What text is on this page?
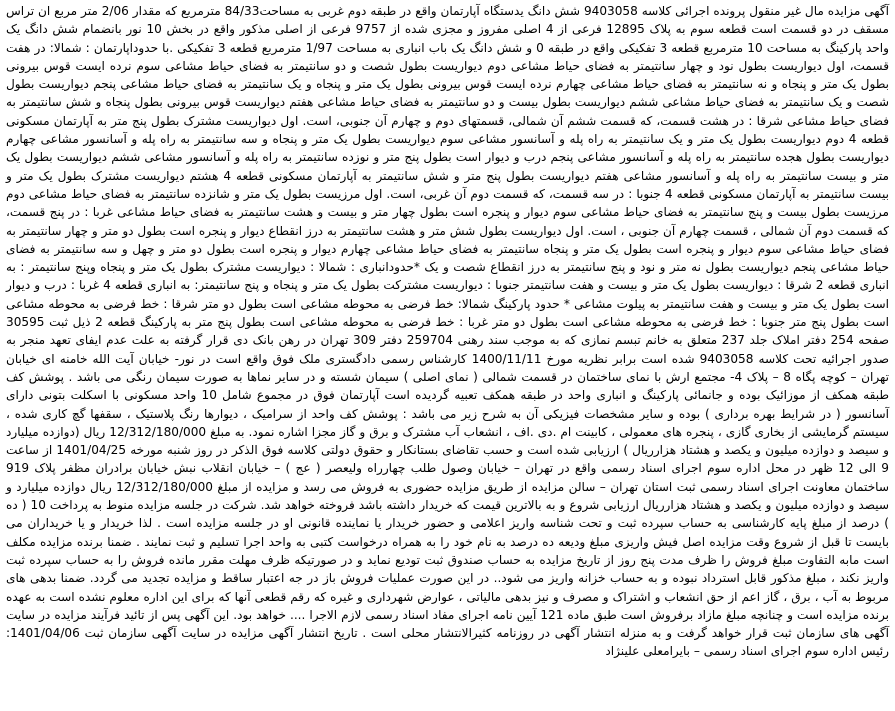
آگهی مزایده مال غیر منقول پرونده اجرائی کلاسه 9403058 شش دانگ یدستگاه آپارتمان واقع در طبقه دوم غربی به مساحت84/33 مترمربع که مقدار 2/06 متر مربع ان تراس مسقف در دو قسمت است قطعه سوم به پلاک 12895 فرعی از 4 اصلی مفروز و مجزی شده از 9757 فرعی از اصلی مذکور واقع در بخش 10 نور بانضمام شش دانگ یک واحد پارکینگ به مساحت 10 مترمربع قطعه 3 تفکیکی واقع در طبقه 0 و شش دانگ یک باب انباری به مساحت 1/97 مترمربع قطعه 3 تفکیکی .با حدوداپارتمان : شمالا: در هفت قسمت، اول دیواریست بطول نود و چهار سانتیمتر به فضای حیاط مشاعی دوم دیواریست بطول شصت و دو سانتیمتر به فضای حیاط مشاعی سوم نرده ایست قوس بیرونی بطول یک متر و پنجاه و نه سانتیمتر به فضای حیاط مشاعی چهارم نرده ایست قوس بیرونی بطول یک متر و پنجاه و یک سانتیمتر به فضای حیاط مشاعی پنجم دیواریست بطول شصت و یک سانتیمتر به فضای حیاط مشاعی ششم دیواریست بطول بیست و دو سانتیمتر به فضای حیاط مشاعی هفتم دیواریست قوس بیرونی بطول پنجاه و شش سانتیمتر به فضای حیاط مشاعی شرقا : در هشت قسمت، که قسمت ششم آن شمالی، قسمتهای دوم و چهارم آن جنوبی، است. اول دیواریست مشترک بطول پنج متر به آپارتمان مسکونی قطعه 4 دوم دیواریست بطول یک متر و یک سانتیمتر به راه پله و آسانسور مشاعی سوم دیواریست بطول یک متر و پنجاه و سه سانتیمتر به راه پله و آسانسور مشاعی چهارم دیواریست بطول هجده سانتیمتر به راه پله و آسانسور مشاعی پنجم درب و دیوار است بطول پنج متر و نوزده سانتیمتر به راه پله و آسانسور مشاعی ششم دیواریست بطول یک متر و بیست سانتیمتر به راه پله و آسانسور مشاعی هفتم دیواریست بطول پنج متر و شش سانتیمتر به آپارتمان مسکونی قطعه 4 هشتم دیواریست مشترک بطول یک متر و بیست سانتیمتر به آپارتمان مسکونی قطعه 4 جنوبا : در سه قسمت، که قسمت دوم آن غربی، است. اول مرزیست بطول یک متر و شانزده سانتیمتر به فضای حیاط مشاعی دوم مرزیست بطول بیست و پنج سانتیمتر به فضای حیاط مشاعی سوم دیوار و پنجره است بطول چهار متر و بیست و هشت سانتیمتر به فضای حیاط مشاعی غربا : در پنج قسمت، که قسمت دوم آن شمالی ، قسمت چهارم آن جنوبی ، است. اول دیواریست بطول شش متر و هشت سانتیمتر به درز انقطاع دیوار و پنجره است بطول دو متر و چهار سانتیمتر به فضای حیاط مشاعی سوم دیوار و پنجره است بطول یک متر و پنجاه سانتیمتر به فضای حیاط مشاعی چهارم دیوار و پنجره است بطول دو متر و چهل و سه سانتیمتر به فضای حیاط مشاعی پنجم دیواریست بطول نه متر و نود و پنج سانتیمتر به درز انقطاع شصت و یک *حدودانباری : شمالا : دیواریست مشترک بطول یک متر و پنجاه وپنج سانتیمتر : به انباری قطعه 2 شرقا : دیواریست بطول یک متر و بیست و هفت سانتیمتر جنوبا : دیواریست مشترکت بطول یک متر و پنجاه و پنج سانتیمتر: به انباری قطعه 4 غربا : درب و دیوار است بطول یک متر و بیست و هفت سانتیمتر به پیلوت مشاعی * حدود پارکینگ شمالا: خط فرضی به محوطه مشاعی است بطول دو متر شرقا : خط فرضی به محوطه مشاعی است بطول پنج متر جنوبا : خط فرضی به محوطه مشاعی است بطول دو متر غربا : خط فرضی به محوطه مشاعی است بطول پنج متر به پارکینگ قطعه 2 ذیل ثبت 30595 صفحه 254 دفتر املاک جلد 237 متعلق به خانم تبسم نمازی که به موجب سند رهنی 259704 دفتر 309 تهران در رهن بانک دی قرار گرفته به علت عدم ایفای تعهد منجر به صدور اجرائیه تحت کلاسه 9403058 شده است برابر نظریه مورخ 1400/11/11 کارشناس رسمی دادگستری ملک فوق واقع است در نور- خیابان آیت الله خامنه ای خیابان تهران – کوچه پگاه 8 – پلاک 4- مجتمع ارش با نمای ساختمان در قسمت شمالی ( نمای اصلی ) سیمان شسته و در سایر نماها به صورت سیمان رنگی می باشد . پوشش کف طبقه همکف از موزائیک بوده و جانمائی پارکینگ و انباری واحد در طبقه همکف تعبیه گردیده است آپارتمان فوق در مجموع شامل 10 واحد مسکونی با اسکلت بتونی دارای آسانسور ( در شرایط بهره برداری ) بوده و سایر مشخصات فیزیکی آن به شرح زیر می باشد : پوشش کف واحد از سرامیک ، دیوارها رنگ پلاستیک ، سقفها گچ کاری شده ، سیستم گرمایشی از بخاری گازی ، پنجره های معمولی ، کابینت ام .دی .اف ، انشعاب آب مشترک و برق و گاز مجزا اشاره نمود. به مبلغ 12/312/180/000 ریال (دوازده میلیارد و سیصد و دوازده میلیون و یکصد و هشتاد هزارریال ) ارزیابی شده است و حسب تقاضای بستانکار و حقوق دولتی کلاسه فوق الذکر در روز شنبه مورخه 1401/04/25 از ساعت 9 الی 12 ظهر در محل اداره سوم اجرای اسناد رسمی واقع در تهران – خیابان وصول طلب چهارراه ولیعصر ( عج ) – خیابان انقلاب نبش خیابان برادران مظفر پلاک 919 ساختمان معاونت اجرای اسناد رسمی ثبت استان تهران – سالن مزایده از طریق مزایده حضوری به فروش می رسد و مزایده از مبلغ 12/312/180/000 ریال دوازده میلیارد و سیصد و دوازده میلیون و یکصد و هشتاد هزارریال ارزیابی شروع و به بالاترین قیمت که خریدار داشته باشد فروخته خواهد شد. شرکت در جلسه مزایده منوط به پرداخت 10 ( ده ) درصد از مبلغ پایه کارشناسی به حساب سپرده ثبت و تحت شناسه واریز اعلامی و حضور خریدار یا نماینده قانونی او در جلسه مزایده است . لذا خریدار و یا خریداران می بایست تا قبل از شروع وقت مزایده اصل فیش واریزی مبلغ ودیعه ده درصد به نام خود را به همراه درخواست کتبی به واحد اجرا تسلیم و ثبت نمایند . ضمنا برنده مزایده مکلف است مابه التفاوت مبلغ فروش را ظرف مدت پنج روز از تاریخ مزایده به حساب صندوق ثبت تودیع نماید و در صورتیکه ظرف مهلت مقرر مانده فروش را به حساب سپرده ثبت واریز نکند ، مبلغ مذکور قابل استرداد نبوده و به حساب خزانه واریز می شود.. در این صورت عملیات فروش باز در جه اعتبار ساقط و مزایده تجدید می گردد. ضمنا بدهی های مربوط به آب ، برق ، گاز اعم از حق انشعاب و اشتراک و مصرف و نیز بدهی مالیاتی ، عوارض شهرداری و غیره که رقم قطعی آنها که برای این اداره معلوم نشده است به عهده برنده مزایده است و چنانچه مبلغ مازاد برفروش است طبق ماده 121 آیین نامه اجرای مفاد اسناد رسمی لازم الاجرا .... خواهد بود. این آگهی پس از تائید فرآیند مزایده در سایت آگهی های سازمان ثبت قرار خواهد گرفت و به منزله انتشار آگهی در روزنامه کثیرالانتشار محلی است . تاریخ انتشار آگهی مزایده در سایت آگهی سازمان ثبت 1401/04/06: رئیس اداره سوم اجرای اسناد رسمی – بایرامعلی علینژاد
